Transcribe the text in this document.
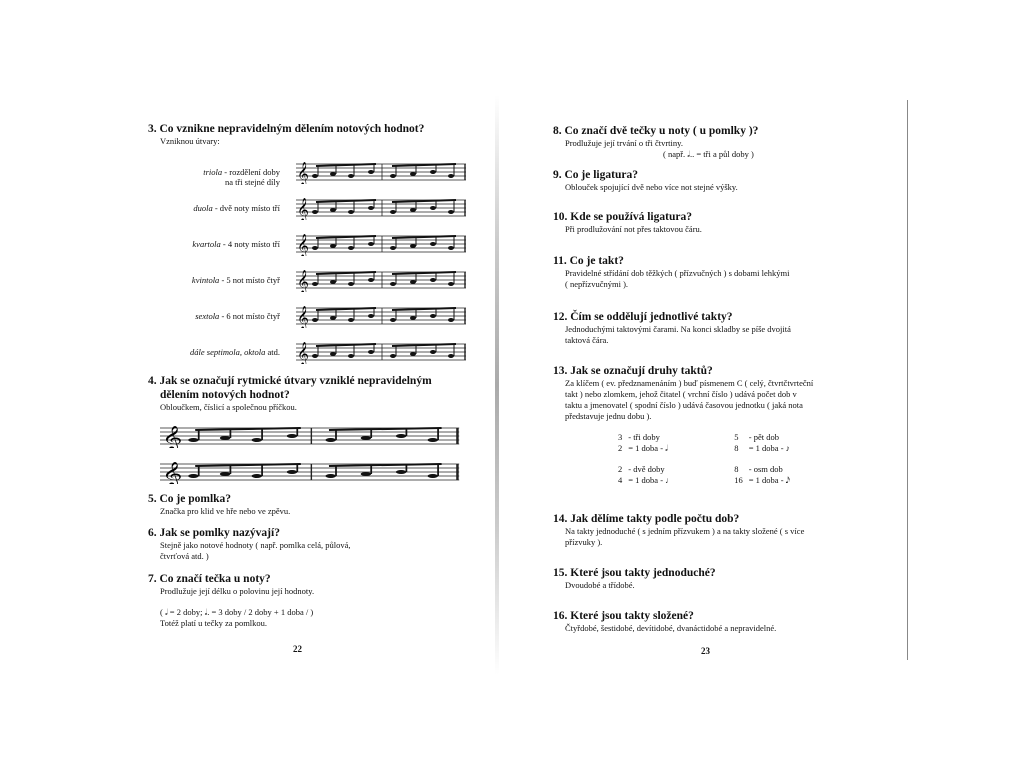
3. Co vznikne nepravidelným dělením notových hodnot?
Vzniknou útvary:
triola - rozdělení doby
na tři stejné díly
duola - dvě noty místo tří
kvartola - 4 noty místo tří
kvintola - 5 not místo čtyř
sextola - 6 not místo čtyř
dále septimola, oktola atd.
4. Jak se označují rytmické útvary vzniklé nepravidelným
dělením notových hodnot?
Obloučkem, číslicí a společnou příčkou.
5. Co je pomlka?
Značka pro klid ve hře nebo ve zpěvu.
6. Jak se pomlky nazývají?
Stejně jako notové hodnoty ( např. pomlka celá, půlová,
čtvrťová atd. )
7. Co značí tečka u noty?
Prodlužuje její délku o polovinu její hodnoty.
( 𝅗𝅥 = 2 doby; 𝅗𝅥. = 3 doby / 2 doby + 1 doba / )
Totéž platí u tečky za pomlkou.
22
8. Co značí dvě tečky u noty ( u pomlky )?
Prodlužuje její trvání o tři čtvrtiny.
( např. 𝅗𝅥.. = tři a půl doby )
9. Co je ligatura?
Oblouček spojující dvě nebo více not stejné výšky.
10. Kde se používá ligatura?
Při prodlužování not přes taktovou čáru.
11. Co je takt?
Pravidelné střídání dob těžkých ( přízvučných ) s dobami lehkými
( nepřízvučnými ).
12. Čím se oddělují jednotlivé takty?
Jednoduchými taktovými čarami. Na konci skladby se píše dvojitá
taktová čára.
13. Jak se označují druhy taktů?
Za klíčem ( ev. předznamenáním ) buď písmenem C ( celý, čtvrtčtvrteční
takt ) nebo zlomkem, jehož čitatel ( vrchní číslo ) udává počet dob v
taktu a jmenovatel ( spodní číslo ) udává časovou jednotku ( jaká nota
představuje jednu dobu ).
3	- tři doby	5	- pět dob
2	= 1 doba - 𝅗𝅥	8	= 1 doba - ♪

2	- dvě doby	8	- osm dob
4	= 1 doba - ♩	16	= 1 doba - 𝅘𝅥𝅯
14. Jak dělíme takty podle počtu dob?
Na takty jednoduché ( s jedním přízvukem ) a na takty složené ( s více
přízvuky ).
15. Které jsou takty jednoduché?
Dvoudobé a třídobé.
16. Které jsou takty složené?
Čtyřdobé, šestidobé, devítidobé, dvanáctidobé a nepravidelné.
23
